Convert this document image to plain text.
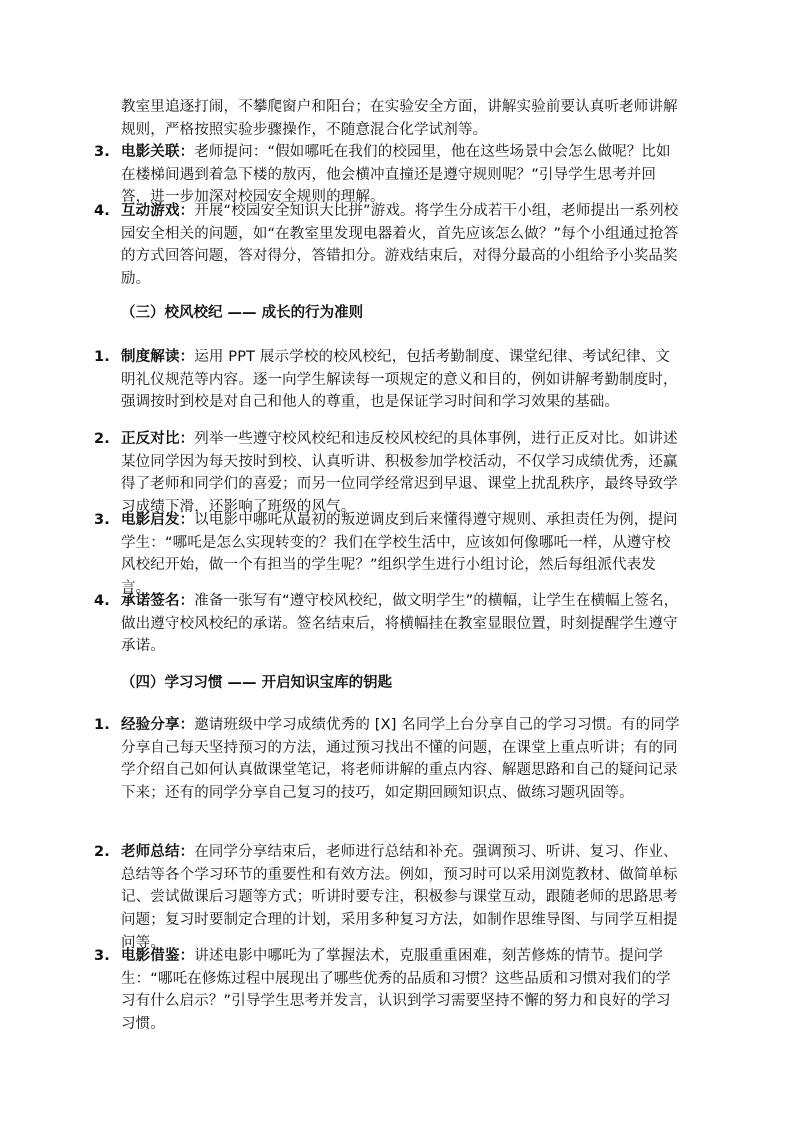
教室里追逐打闹，不攀爬窗户和阳台；在实验安全方面，讲解实验前要认真听老师讲解规则，严格按照实验步骤操作，不随意混合化学试剂等。
3. 电影关联：老师提问：“假如哪吒在我们的校园里，他在这些场景中会怎么做呢？比如在楼梯间遇到着急下楼的敖丙，他会横冲直撞还是遵守规则呢？”引导学生思考并回答，进一步加深对校园安全规则的理解。
4. 互动游戏：开展“校园安全知识大比拼”游戏。将学生分成若干小组，老师提出一系列校园安全相关的问题，如“在教室里发现电器着火，首先应该怎么做？”每个小组通过抢答的方式回答问题，答对得分，答错扣分。游戏结束后，对得分最高的小组给予小奖品奖励。
（三）校风校纪 —— 成长的行为准则
1. 制度解读：运用 PPT 展示学校的校风校纪，包括考勤制度、课堂纪律、考试纪律、文明礼仪规范等内容。逐一向学生解读每一项规定的意义和目的，例如讲解考勤制度时，强调按时到校是对自己和他人的尊重，也是保证学习时间和学习效果的基础。
2. 正反对比：列举一些遵守校风校纪和违反校风校纪的具体事例，进行正反对比。如讲述某位同学因为每天按时到校、认真听讲、积极参加学校活动，不仅学习成绩优秀，还赢得了老师和同学们的喜爱；而另一位同学经常迟到早退、课堂上扰乱秩序，最终导致学习成绩下滑，还影响了班级的风气。
3. 电影启发：以电影中哪吒从最初的叛逆调皮到后来懂得遵守规则、承担责任为例，提问学生：“哪吒是怎么实现转变的？我们在学校生活中，应该如何像哪吒一样，从遵守校风校纪开始，做一个有担当的学生呢？”组织学生进行小组讨论，然后每组派代表发言。
4. 承诺签名：准备一张写有“遵守校风校纪，做文明学生”的横幅，让学生在横幅上签名，做出遵守校风校纪的承诺。签名结束后，将横幅挂在教室显眼位置，时刻提醒学生遵守承诺。
（四）学习习惯 —— 开启知识宝库的钥匙
1. 经验分享：邀请班级中学习成绩优秀的 [X] 名同学上台分享自己的学习习惯。有的同学分享自己每天坚持预习的方法，通过预习找出不懂的问题，在课堂上重点听讲；有的同学介绍自己如何认真做课堂笔记，将老师讲解的重点内容、解题思路和自己的疑问记录下来；还有的同学分享自己复习的技巧，如定期回顾知识点、做练习题巩固等。
2. 老师总结：在同学分享结束后，老师进行总结和补充。强调预习、听讲、复习、作业、总结等各个学习环节的重要性和有效方法。例如，预习时可以采用浏览教材、做简单标记、尝试做课后习题等方式；听讲时要专注，积极参与课堂互动，跟随老师的思路思考问题；复习时要制定合理的计划，采用多种复习方法，如制作思维导图、与同学互相提问等。
3. 电影借鉴：讲述电影中哪吒为了掌握法术，克服重重困难，刻苦修炼的情节。提问学生：“哪吒在修炼过程中展现出了哪些优秀的品质和习惯？这些品质和习惯对我们的学习有什么启示？”引导学生思考并发言，认识到学习需要坚持不懈的努力和良好的学习习惯。
